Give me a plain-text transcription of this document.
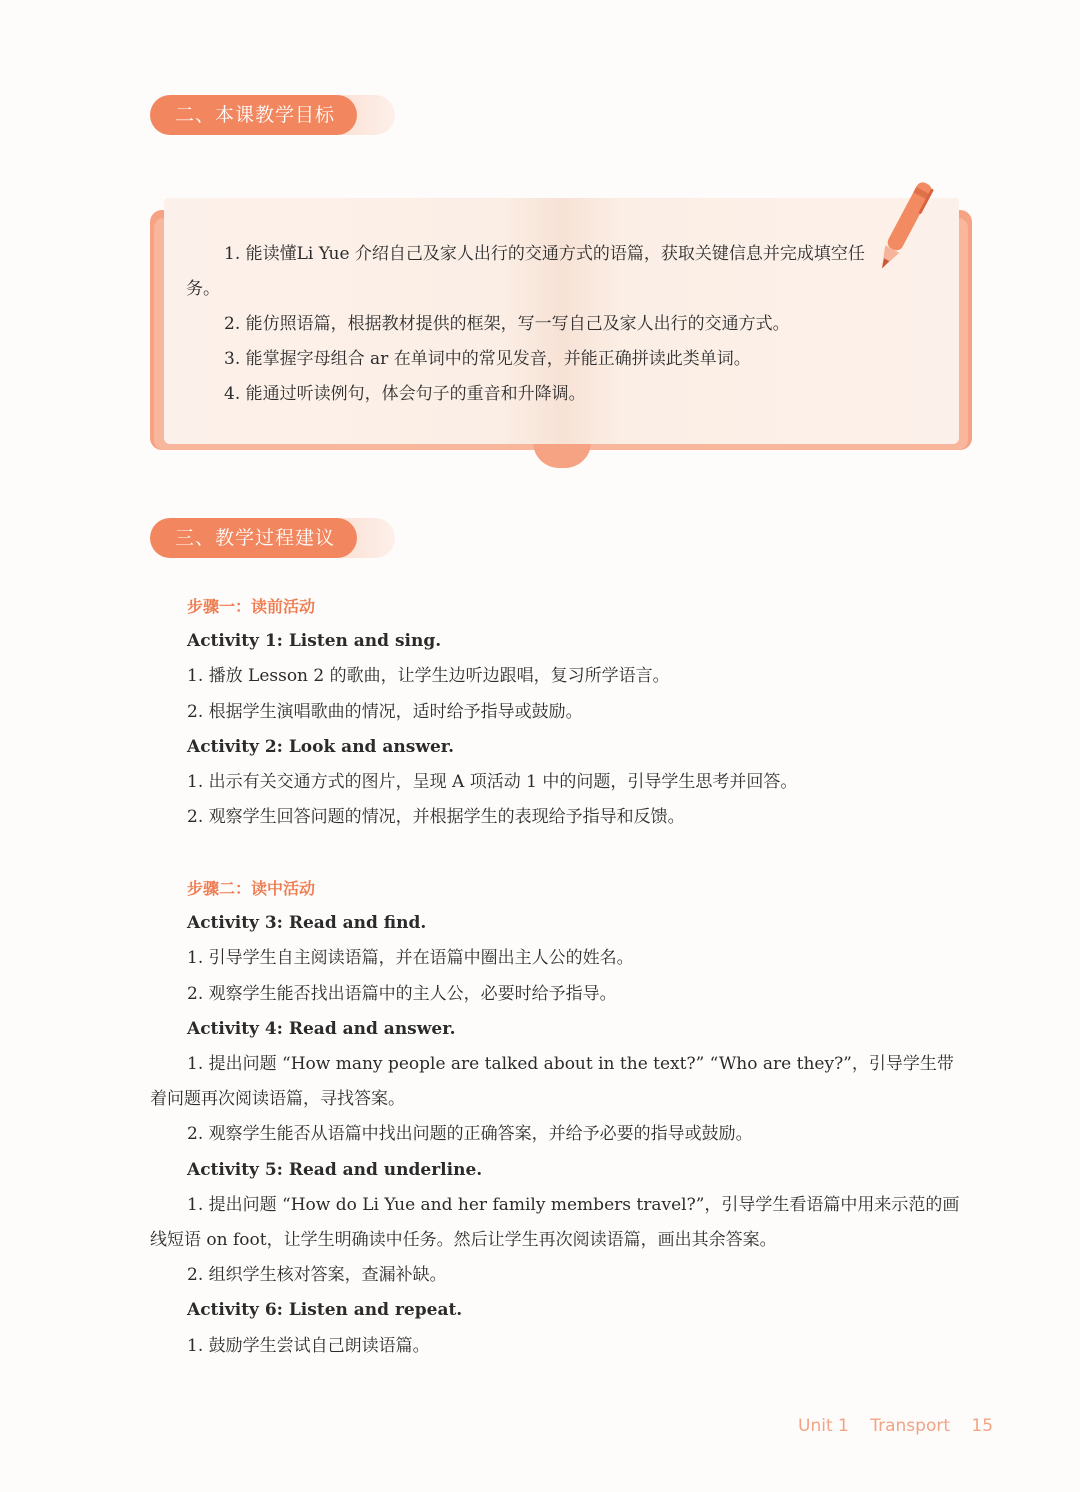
二、本课教学目标

1. 能读懂Li Yue 介绍自己及家人出行的交通方式的语篇，获取关键信息并完成填空任务。

2. 能仿照语篇，根据教材提供的框架，写一写自己及家人出行的交通方式。

3. 能掌握字母组合 ar 在单词中的常见发音，并能正确拼读此类单词。

4. 能通过听读例句，体会句子的重音和升降调。

三、教学过程建议

步骤一：读前活动

Activity 1: Listen and sing.

1. 播放 Lesson 2 的歌曲，让学生边听边跟唱，复习所学语言。

2. 根据学生演唱歌曲的情况，适时给予指导或鼓励。

Activity 2: Look and answer.

1. 出示有关交通方式的图片，呈现 A 项活动 1 中的问题，引导学生思考并回答。

2. 观察学生回答问题的情况，并根据学生的表现给予指导和反馈。

步骤二：读中活动

Activity 3: Read and find.

1. 引导学生自主阅读语篇，并在语篇中圈出主人公的姓名。

2. 观察学生能否找出语篇中的主人公，必要时给予指导。

Activity 4: Read and answer.

1. 提出问题 “How many people are talked about in the text?” “Who are they?”，引导学生带着问题再次阅读语篇，寻找答案。

2. 观察学生能否从语篇中找出问题的正确答案，并给予必要的指导或鼓励。

Activity 5: Read and underline.

1. 提出问题 “How do Li Yue and her family members travel?”，引导学生看语篇中用来示范的画线短语 on foot，让学生明确读中任务。然后让学生再次阅读语篇，画出其余答案。

2. 组织学生核对答案，查漏补缺。

Activity 6: Listen and repeat.

1. 鼓励学生尝试自己朗读语篇。

Unit 1 Transport 15
